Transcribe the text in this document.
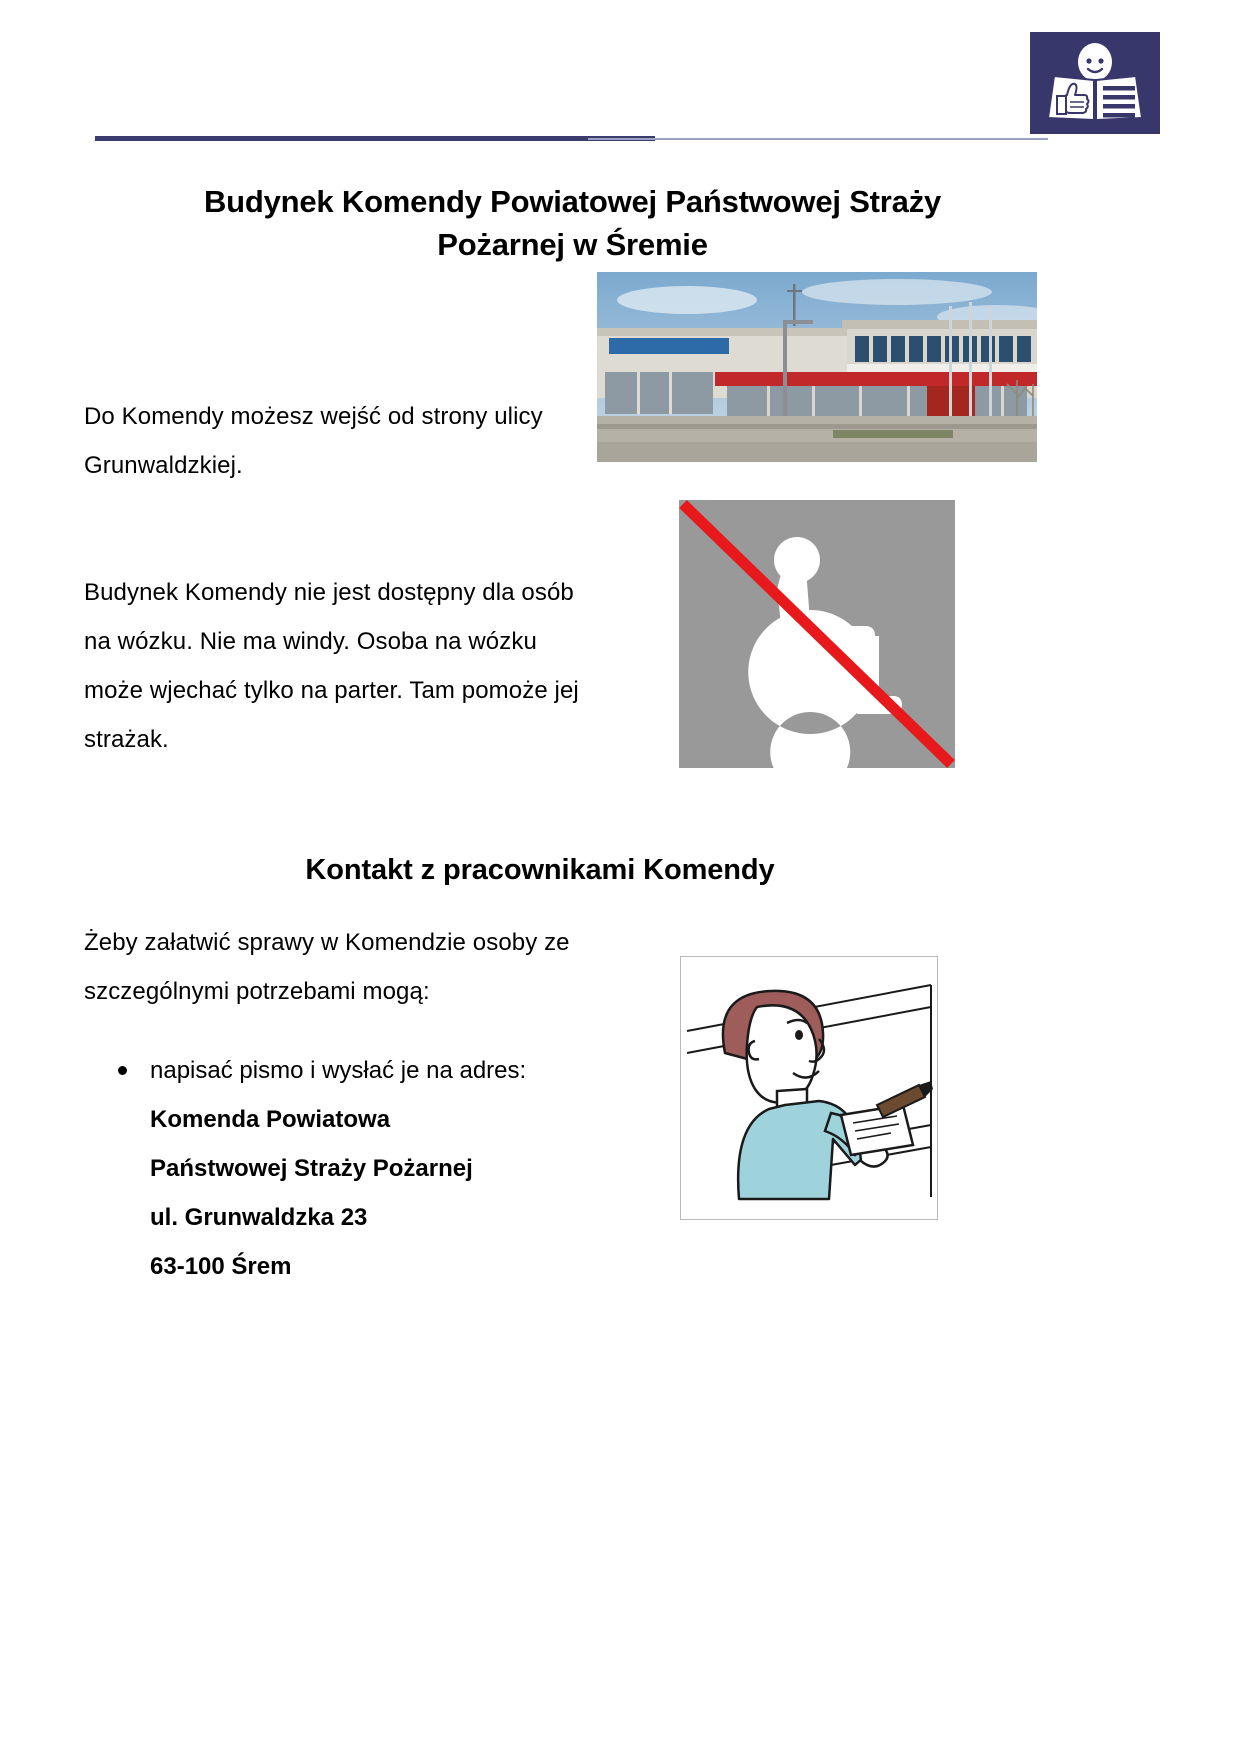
Budynek Komendy Powiatowej Państwowej Straży
Pożarnej w Śremie

Do Komendy możesz wejść od strony ulicy Grunwaldzkiej.

Budynek Komendy nie jest dostępny dla osób na wózku. Nie ma windy. Osoba na wózku może wjechać tylko na parter. Tam pomoże jej strażak.

Kontakt z pracownikami Komendy

Żeby załatwić sprawy w Komendzie osoby ze szczególnymi potrzebami mogą:

napisać pismo i wysłać je na adres:
Komenda Powiatowa
Państwowej Straży Pożarnej
ul. Grunwaldzka 23
63-100 Śrem
